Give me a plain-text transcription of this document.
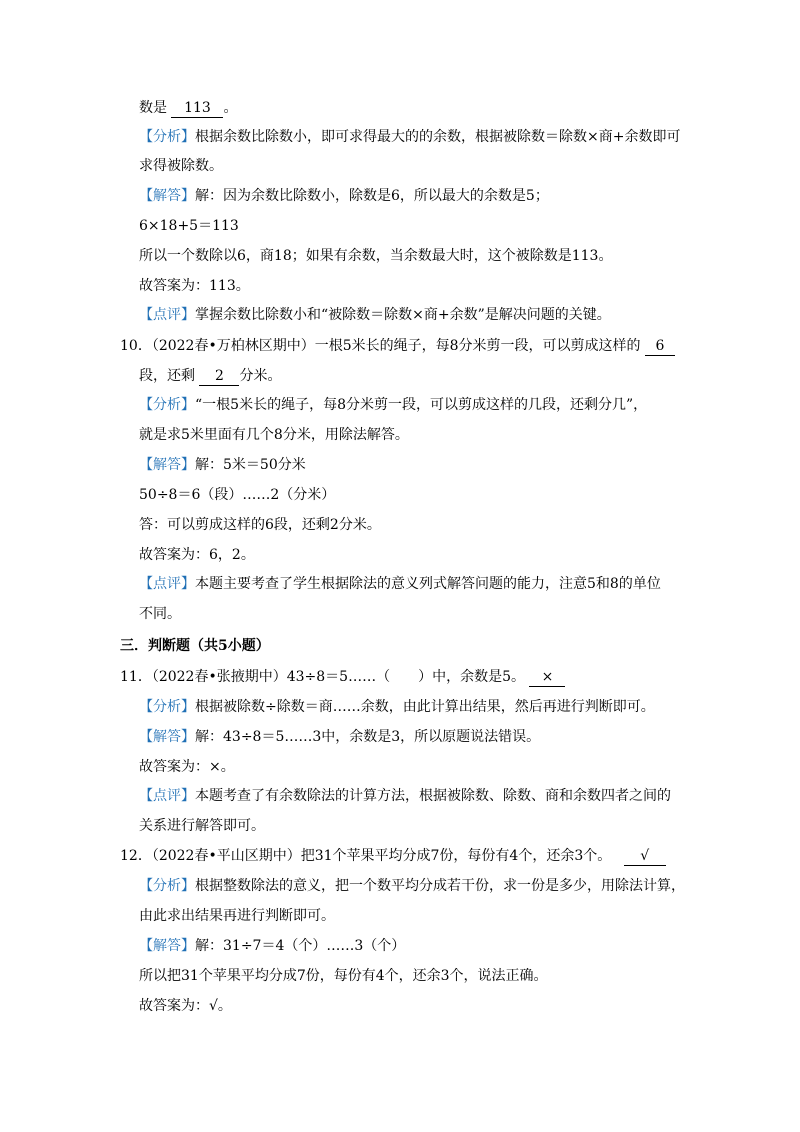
数是 113 。
【分析】根据余数比除数小，即可求得最大的的余数，根据被除数＝除数×商+余数即可
求得被除数。
【解答】解：因为余数比除数小，除数是6，所以最大的余数是5；
6×18+5＝113
所以一个数除以6，商18；如果有余数，当余数最大时，这个被除数是113。
故答案为：113。
【点评】掌握余数比除数小和“被除数＝除数×商+余数”是解决问题的关键。
10．（2022春•万柏林区期中）一根5米长的绳子，每8分米剪一段，可以剪成这样的 6
段，还剩 2 分米。
【分析】“一根5米长的绳子，每8分米剪一段，可以剪成这样的几段，还剩分几”，
就是求5米里面有几个8分米，用除法解答。
【解答】解：5米＝50分米
50÷8＝6（段）……2（分米）
答：可以剪成这样的6段，还剩2分米。
故答案为：6，2。
【点评】本题主要考查了学生根据除法的意义列式解答问题的能力，注意5和8的单位
不同。
三．判断题（共5小题）
11．（2022春•张掖期中）43÷8＝5……（　　）中，余数是5。 ×
【分析】根据被除数÷除数＝商……余数，由此计算出结果，然后再进行判断即可。
【解答】解：43÷8＝5……3中，余数是3，所以原题说法错误。
故答案为：×。
【点评】本题考查了有余数除法的计算方法，根据被除数、除数、商和余数四者之间的
关系进行解答即可。
12．（2022春•平山区期中）把31个苹果平均分成7份，每份有4个，还余3个。 √
【分析】根据整数除法的意义，把一个数平均分成若干份，求一份是多少，用除法计算，
由此求出结果再进行判断即可。
【解答】解：31÷7＝4（个）……3（个）
所以把31个苹果平均分成7份，每份有4个，还余3个，说法正确。
故答案为：√。
